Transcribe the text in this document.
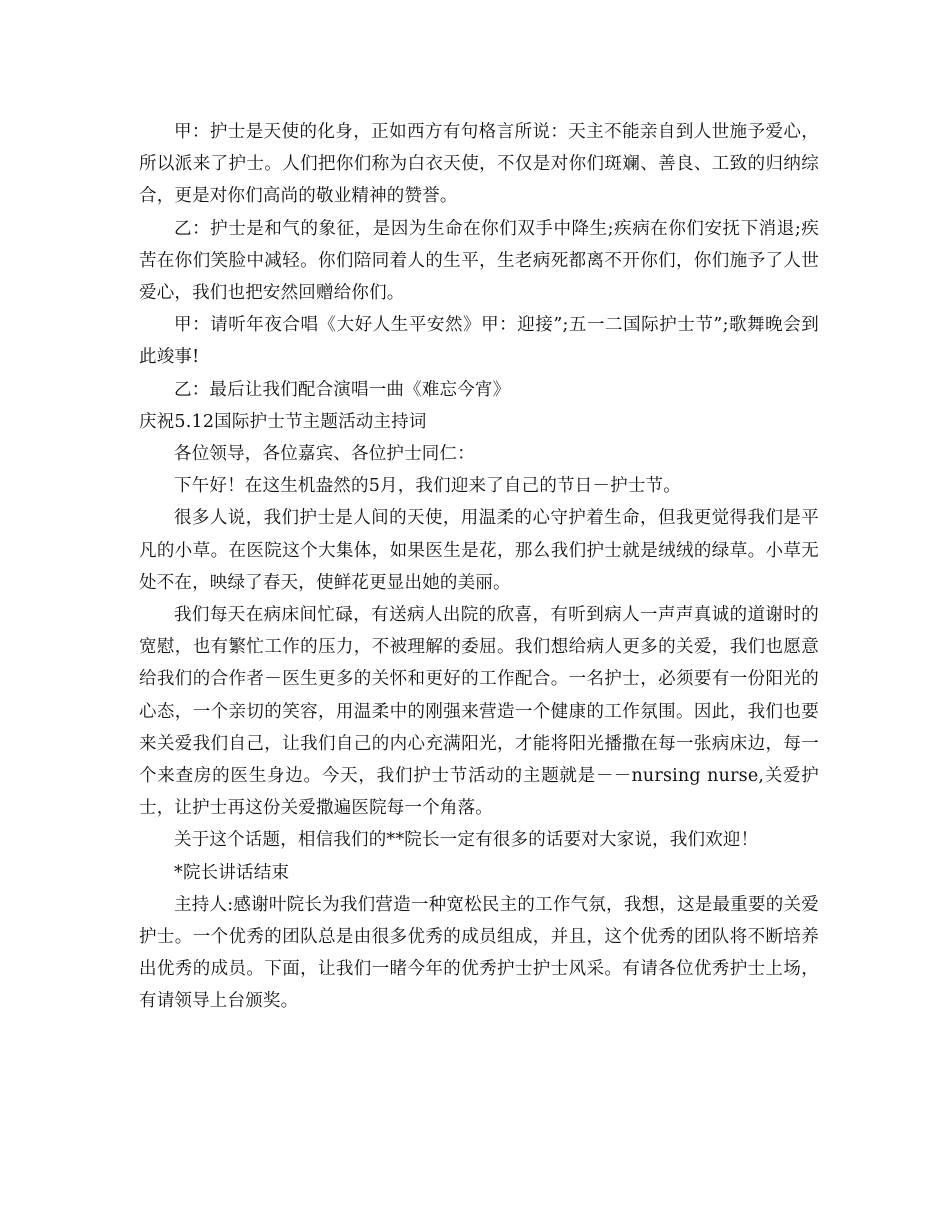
甲：护士是天使的化身，正如西方有句格言所说：天主不能亲自到人世施予爱心，所以派来了护士。人们把你们称为白衣天使，不仅是对你们斑斓、善良、工致的归纳综合，更是对你们高尚的敬业精神的赞誉。

乙：护士是和气的象征，是因为生命在你们双手中降生;疾病在你们安抚下消退;疾苦在你们笑脸中减轻。你们陪同着人的生平，生老病死都离不开你们，你们施予了人世爱心，我们也把安然回赠给你们。

甲：请听年夜合唱《大好人生平安然》甲：迎接”;五一二国际护士节”;歌舞晚会到此竣事!

乙：最后让我们配合演唱一曲《难忘今宵》

庆祝5.12国际护士节主题活动主持词

各位领导，各位嘉宾、各位护士同仁：

下午好！在这生机盎然的5月，我们迎来了自己的节日－护士节。

很多人说，我们护士是人间的天使，用温柔的心守护着生命，但我更觉得我们是平凡的小草。在医院这个大集体，如果医生是花，那么我们护士就是绒绒的绿草。小草无处不在，映绿了春天，使鲜花更显出她的美丽。

我们每天在病床间忙碌，有送病人出院的欣喜，有听到病人一声声真诚的道谢时的宽慰，也有繁忙工作的压力，不被理解的委屈。我们想给病人更多的关爱，我们也愿意给我们的合作者－医生更多的关怀和更好的工作配合。一名护士，必须要有一份阳光的心态，一个亲切的笑容，用温柔中的刚强来营造一个健康的工作氛围。因此，我们也要来关爱我们自己，让我们自己的内心充满阳光，才能将阳光播撒在每一张病床边，每一个来查房的医生身边。今天，我们护士节活动的主题就是－－nursing nurse,关爱护士，让护士再这份关爱撒遍医院每一个角落。

关于这个话题，相信我们的**院长一定有很多的话要对大家说，我们欢迎！

*院长讲话结束

主持人:感谢叶院长为我们营造一种宽松民主的工作气氛，我想，这是最重要的关爱护士。一个优秀的团队总是由很多优秀的成员组成，并且，这个优秀的团队将不断培养出优秀的成员。下面，让我们一睹今年的优秀护士护士风采。有请各位优秀护士上场，有请领导上台颁奖。
